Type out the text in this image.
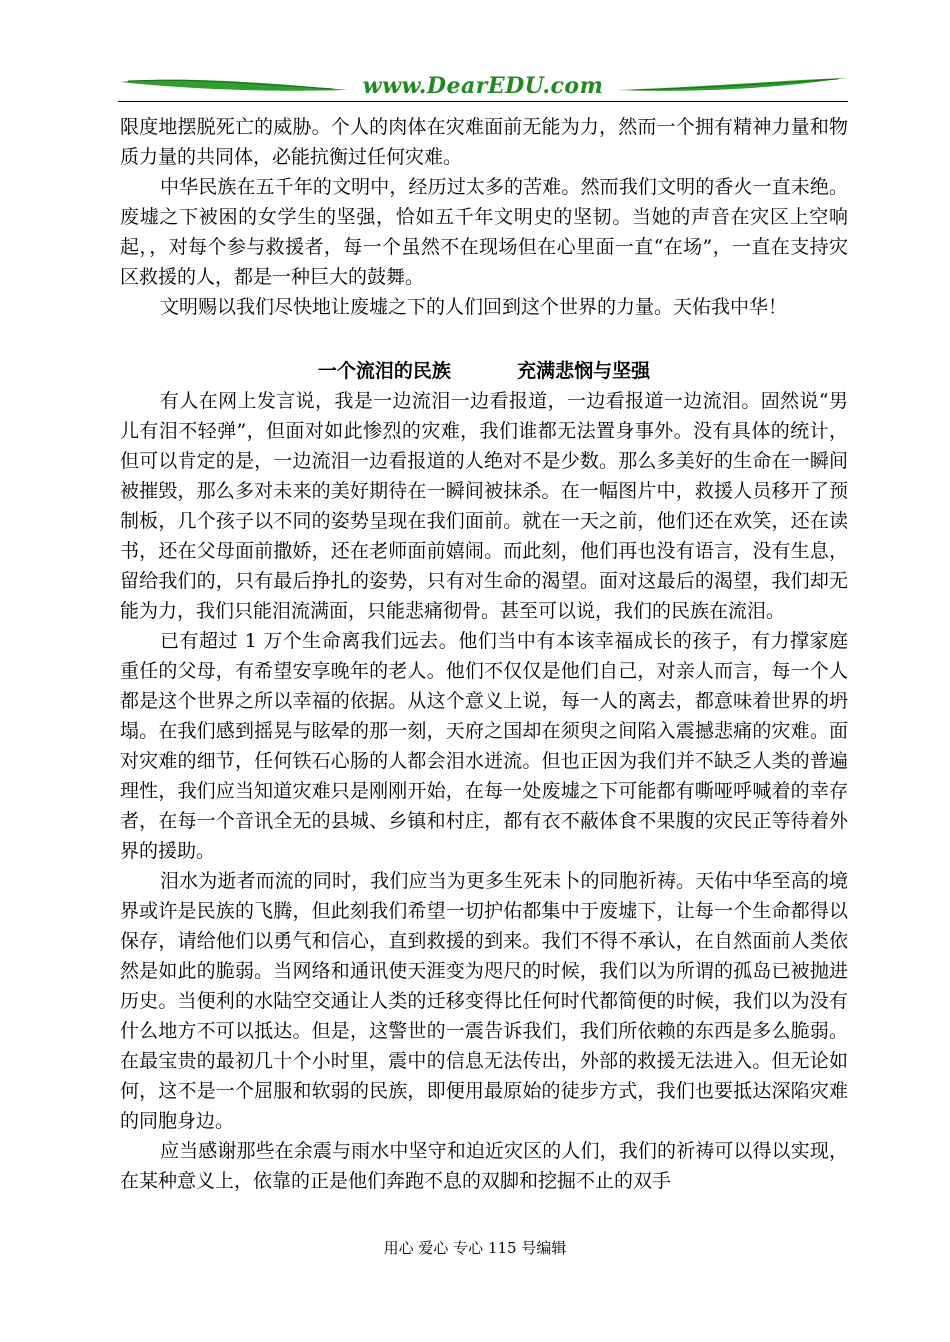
www.DearEDU.com

限度地摆脱死亡的威胁。个人的肉体在灾难面前无能为力，然而一个拥有精神力量和物质力量的共同体，必能抗衡过任何灾难。

中华民族在五千年的文明中，经历过太多的苦难。然而我们文明的香火一直未绝。废墟之下被困的女学生的坚强，恰如五千年文明史的坚韧。当她的声音在灾区上空响起，，对每个参与救援者，每一个虽然不在现场但在心里面一直“在场”，一直在支持灾区救援的人，都是一种巨大的鼓舞。

文明赐以我们尽快地让废墟之下的人们回到这个世界的力量。天佑我中华！

一个流泪的民族          充满悲悯与坚强

有人在网上发言说，我是一边流泪一边看报道，一边看报道一边流泪。固然说“男儿有泪不轻弹”，但面对如此惨烈的灾难，我们谁都无法置身事外。没有具体的统计，但可以肯定的是，一边流泪一边看报道的人绝对不是少数。那么多美好的生命在一瞬间被摧毁，那么多对未来的美好期待在一瞬间被抹杀。在一幅图片中，救援人员移开了预制板，几个孩子以不同的姿势呈现在我们面前。就在一天之前，他们还在欢笑，还在读书，还在父母面前撒娇，还在老师面前嬉闹。而此刻，他们再也没有语言，没有生息，留给我们的，只有最后挣扎的姿势，只有对生命的渴望。面对这最后的渴望，我们却无能为力，我们只能泪流满面，只能悲痛彻骨。甚至可以说，我们的民族在流泪。

已有超过 1 万个生命离我们远去。他们当中有本该幸福成长的孩子，有力撑家庭重任的父母，有希望安享晚年的老人。他们不仅仅是他们自己，对亲人而言，每一个人都是这个世界之所以幸福的依据。从这个意义上说，每一人的离去，都意味着世界的坍塌。在我们感到摇晃与眩晕的那一刻，天府之国却在须臾之间陷入震撼悲痛的灾难。面对灾难的细节，任何铁石心肠的人都会泪水迸流。但也正因为我们并不缺乏人类的普遍理性，我们应当知道灾难只是刚刚开始，在每一处废墟之下可能都有嘶哑呼喊着的幸存者，在每一个音讯全无的县城、乡镇和村庄，都有衣不蔽体食不果腹的灾民正等待着外界的援助。

泪水为逝者而流的同时，我们应当为更多生死未卜的同胞祈祷。天佑中华至高的境界或许是民族的飞腾，但此刻我们希望一切护佑都集中于废墟下，让每一个生命都得以保存，请给他们以勇气和信心，直到救援的到来。我们不得不承认，在自然面前人类依然是如此的脆弱。当网络和通讯使天涯变为咫尺的时候，我们以为所谓的孤岛已被抛进历史。当便利的水陆空交通让人类的迁移变得比任何时代都简便的时候，我们以为没有什么地方不可以抵达。但是，这警世的一震告诉我们，我们所依赖的东西是多么脆弱。在最宝贵的最初几十个小时里，震中的信息无法传出，外部的救援无法进入。但无论如何，这不是一个屈服和软弱的民族，即便用最原始的徒步方式，我们也要抵达深陷灾难的同胞身边。

应当感谢那些在余震与雨水中坚守和迫近灾区的人们，我们的祈祷可以得以实现，在某种意义上，依靠的正是他们奔跑不息的双脚和挖掘不止的双手

用心 爱心 专心 115 号编辑
